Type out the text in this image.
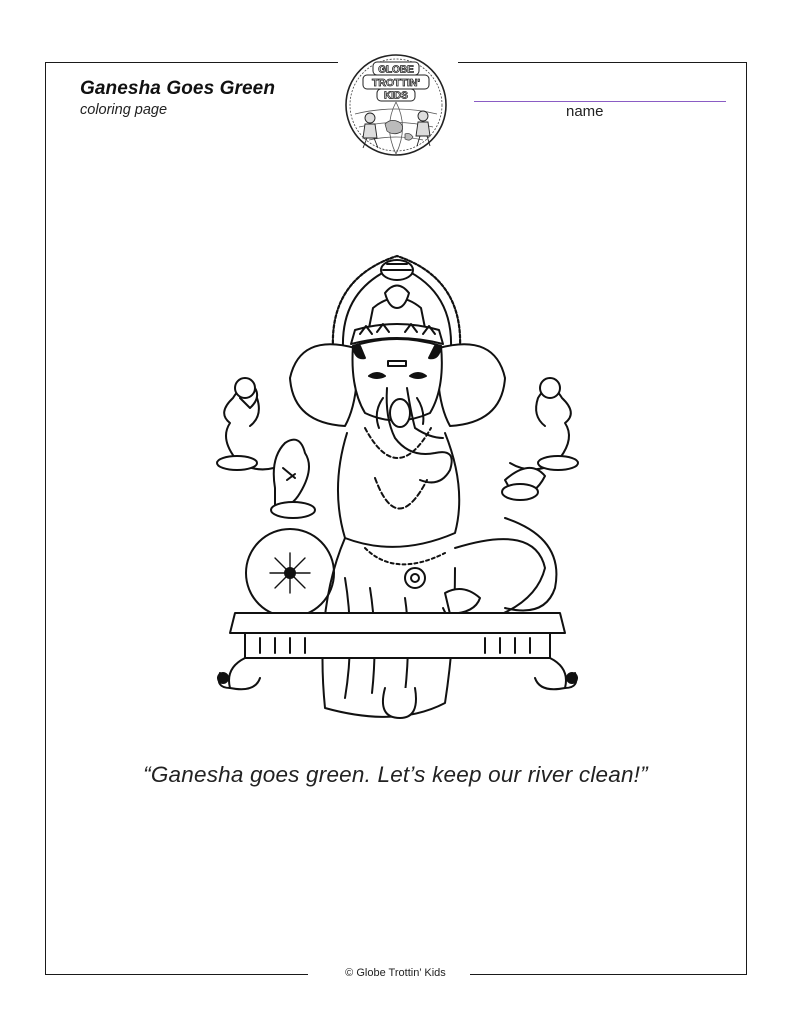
Ganesha Goes Green
coloring page	name
GLOBE
TROTTIN'
KIDS
“Ganesha goes green. Let’s keep our river clean!”
© Globe Trottin’ Kids
